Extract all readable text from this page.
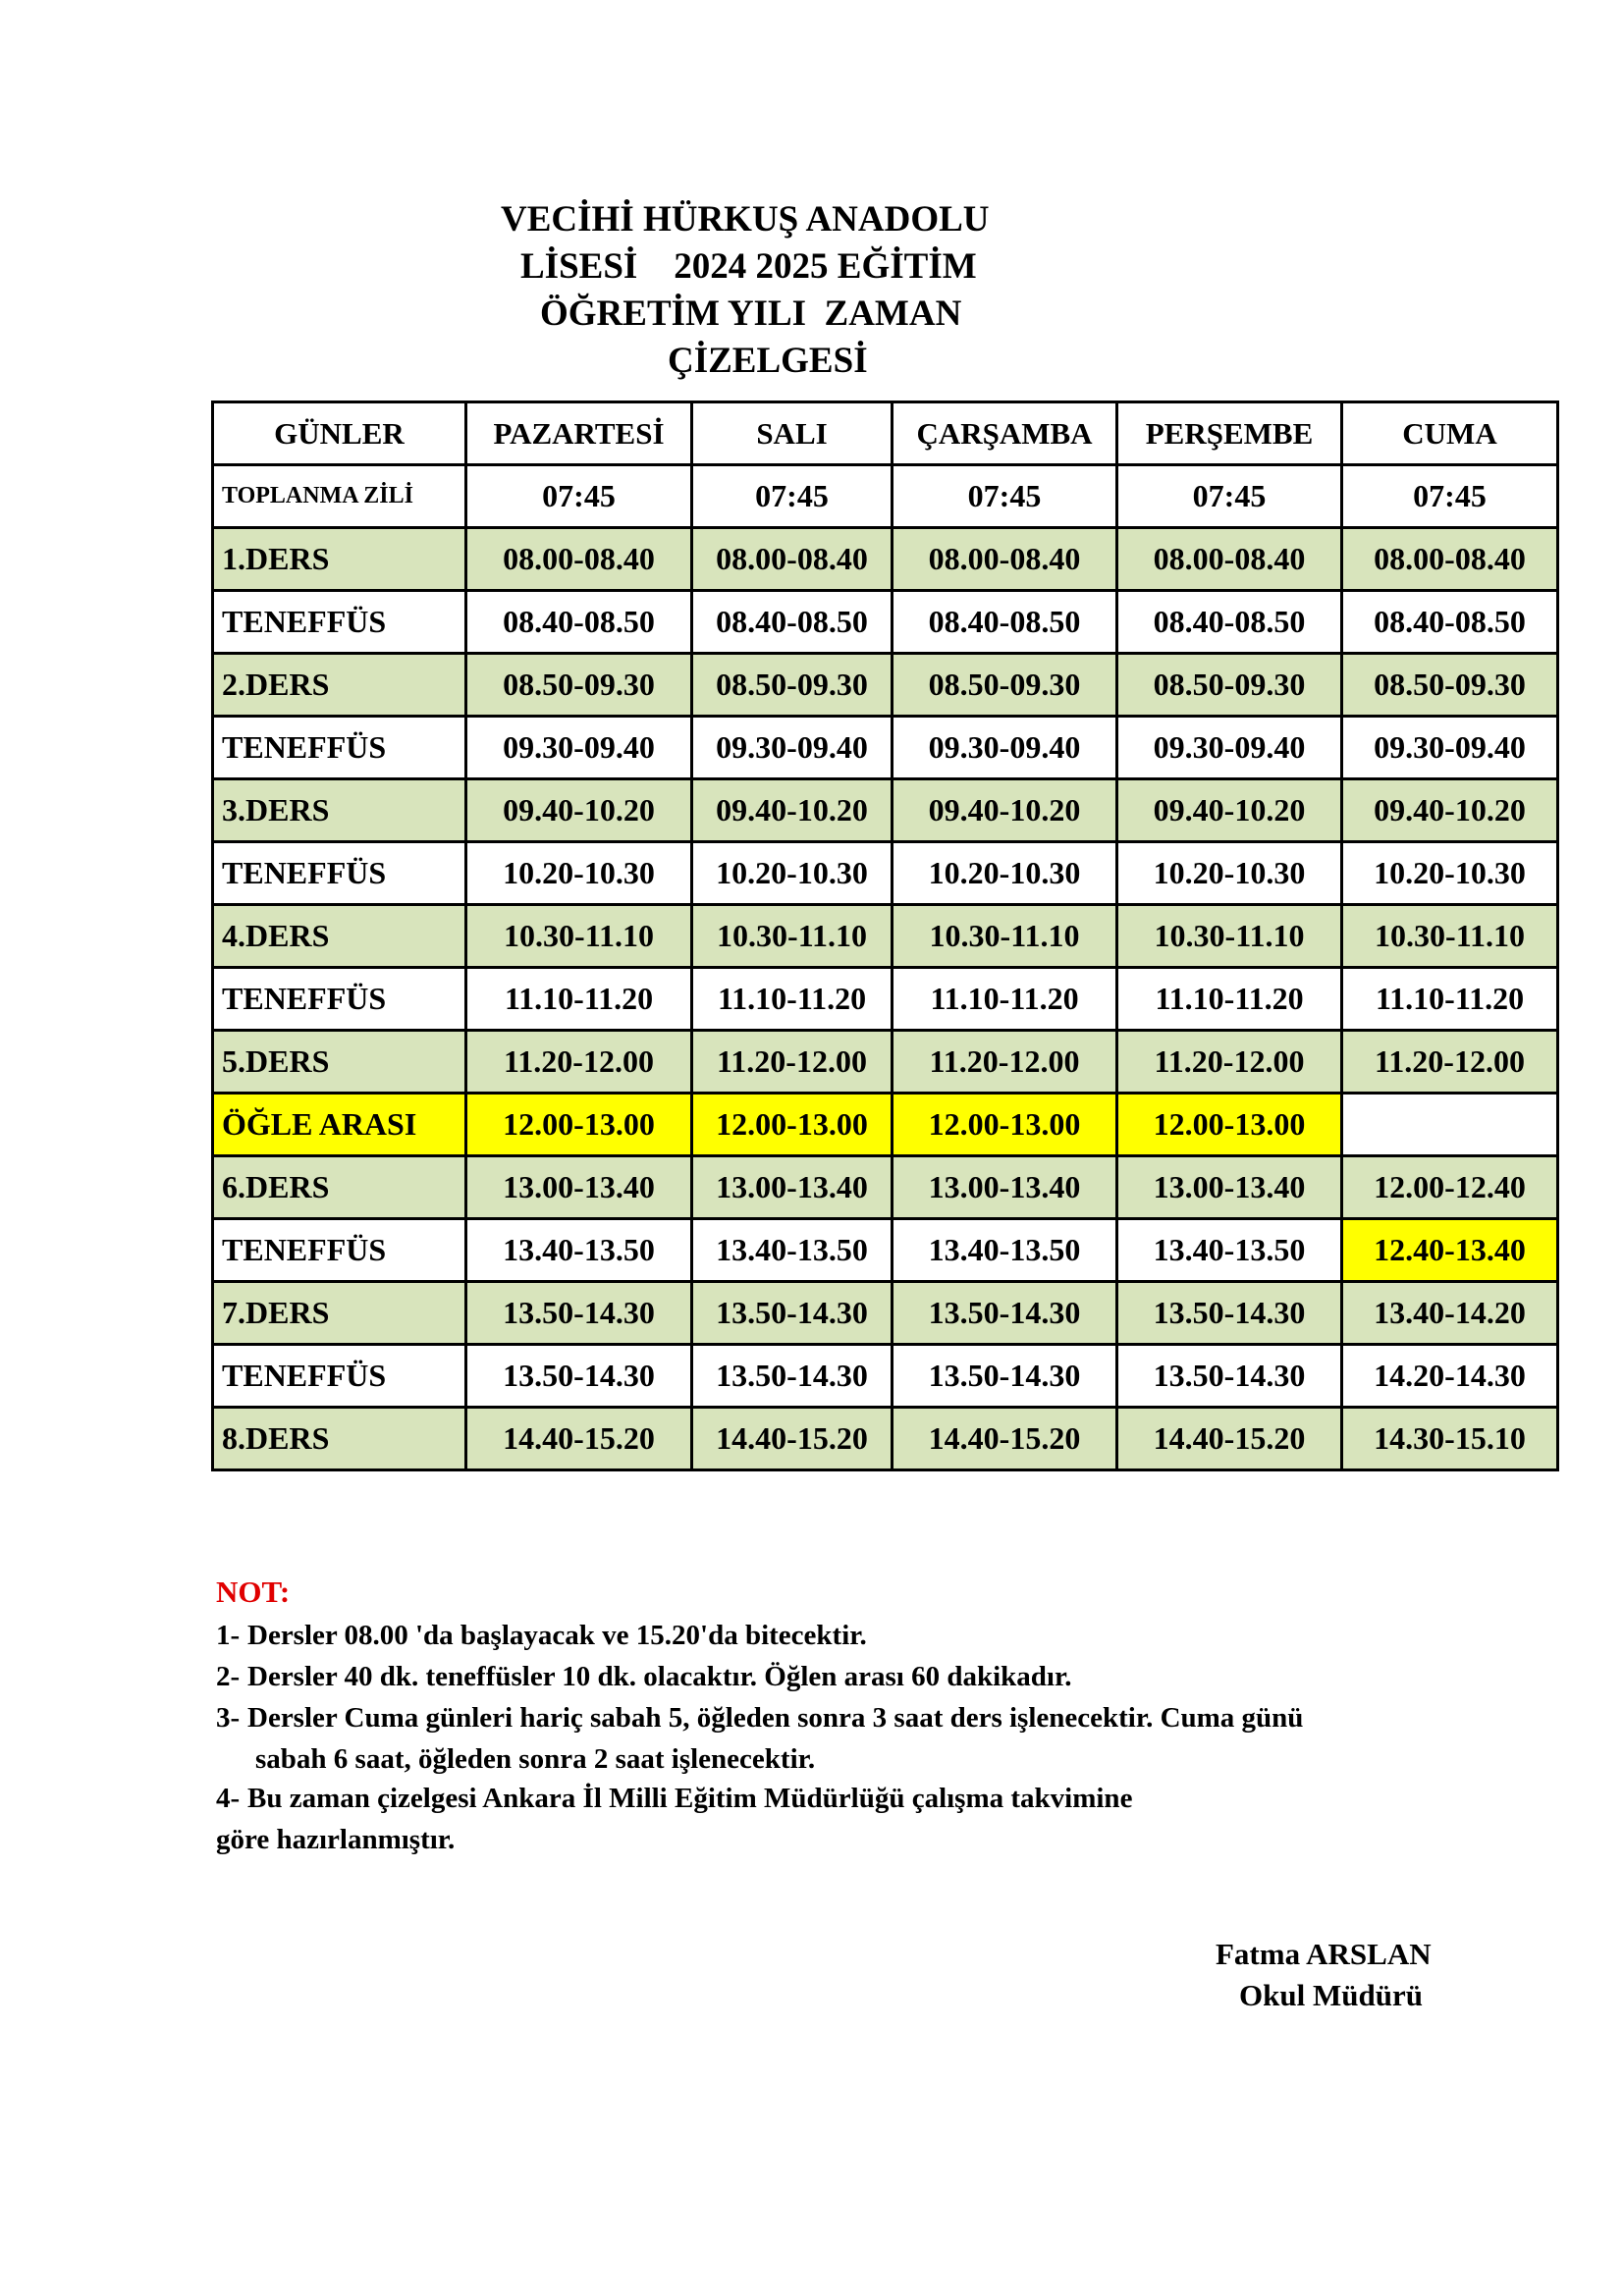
VECİHİ HÜRKUŞ ANADOLU
LİSESİ    2024 2025 EĞİTİM
ÖĞRETİM YILI  ZAMAN
ÇİZELGESİ
GÜNLER	PAZARTESİ	SALI	ÇARŞAMBA	PERŞEMBE	CUMA
TOPLANMA ZİLİ	07:45	07:45	07:45	07:45	07:45
1.DERS	08.00-08.40	08.00-08.40	08.00-08.40	08.00-08.40	08.00-08.40
TENEFFÜS	08.40-08.50	08.40-08.50	08.40-08.50	08.40-08.50	08.40-08.50
2.DERS	08.50-09.30	08.50-09.30	08.50-09.30	08.50-09.30	08.50-09.30
TENEFFÜS	09.30-09.40	09.30-09.40	09.30-09.40	09.30-09.40	09.30-09.40
3.DERS	09.40-10.20	09.40-10.20	09.40-10.20	09.40-10.20	09.40-10.20
TENEFFÜS	10.20-10.30	10.20-10.30	10.20-10.30	10.20-10.30	10.20-10.30
4.DERS	10.30-11.10	10.30-11.10	10.30-11.10	10.30-11.10	10.30-11.10
TENEFFÜS	11.10-11.20	11.10-11.20	11.10-11.20	11.10-11.20	11.10-11.20
5.DERS	11.20-12.00	11.20-12.00	11.20-12.00	11.20-12.00	11.20-12.00
ÖĞLE ARASI	12.00-13.00	12.00-13.00	12.00-13.00	12.00-13.00	
6.DERS	13.00-13.40	13.00-13.40	13.00-13.40	13.00-13.40	12.00-12.40
TENEFFÜS	13.40-13.50	13.40-13.50	13.40-13.50	13.40-13.50	12.40-13.40
7.DERS	13.50-14.30	13.50-14.30	13.50-14.30	13.50-14.30	13.40-14.20
TENEFFÜS	13.50-14.30	13.50-14.30	13.50-14.30	13.50-14.30	14.20-14.30
8.DERS	14.40-15.20	14.40-15.20	14.40-15.20	14.40-15.20	14.30-15.10
NOT:
1- Dersler 08.00 'da başlayacak ve 15.20'da bitecektir.
2- Dersler 40 dk. teneffüsler 10 dk. olacaktır. Öğlen arası 60 dakikadır.
3- Dersler Cuma günleri hariç sabah 5, öğleden sonra 3 saat ders işlenecektir. Cuma günü
sabah 6 saat, öğleden sonra 2 saat işlenecektir.
4- Bu zaman çizelgesi Ankara İl Milli Eğitim Müdürlüğü çalışma takvimine
göre hazırlanmıştır.
Fatma ARSLAN
Okul Müdürü
